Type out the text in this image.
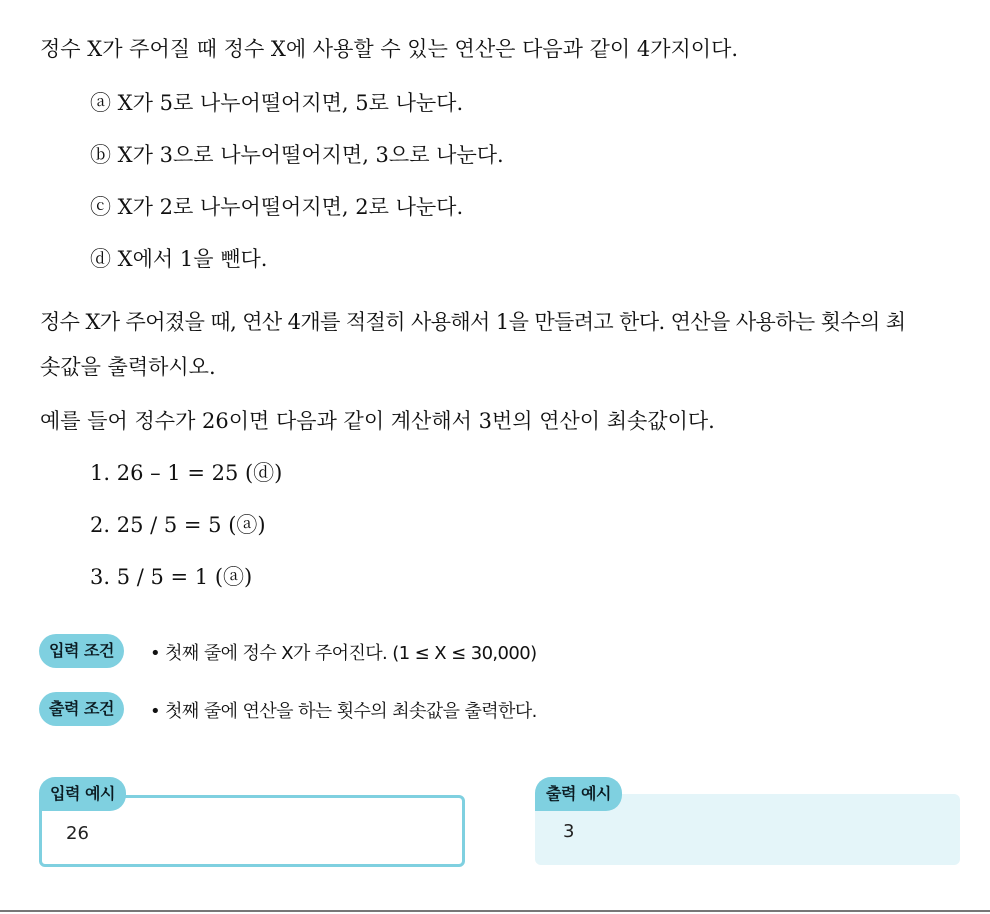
정수 X가 주어질 때 정수 X에 사용할 수 있는 연산은 다음과 같이 4가지이다.
ⓐ X가 5로 나누어떨어지면, 5로 나눈다.
ⓑ X가 3으로 나누어떨어지면, 3으로 나눈다.
ⓒ X가 2로 나누어떨어지면, 2로 나눈다.
ⓓ X에서 1을 뺀다.
정수 X가 주어졌을 때, 연산 4개를 적절히 사용해서 1을 만들려고 한다. 연산을 사용하는 횟수의 최
솟값을 출력하시오.
예를 들어 정수가 26이면 다음과 같이 계산해서 3번의 연산이 최솟값이다.
1. 26 – 1 = 25 (ⓓ)
2. 25 / 5 = 5 (ⓐ)
3. 5 / 5 = 1 (ⓐ)
입력 조건	• 첫째 줄에 정수 X가 주어진다. (1 ≤ X ≤ 30,000)
출력 조건	• 첫째 줄에 연산을 하는 횟수의 최솟값을 출력한다.
입력 예시
26
출력 예시
3
